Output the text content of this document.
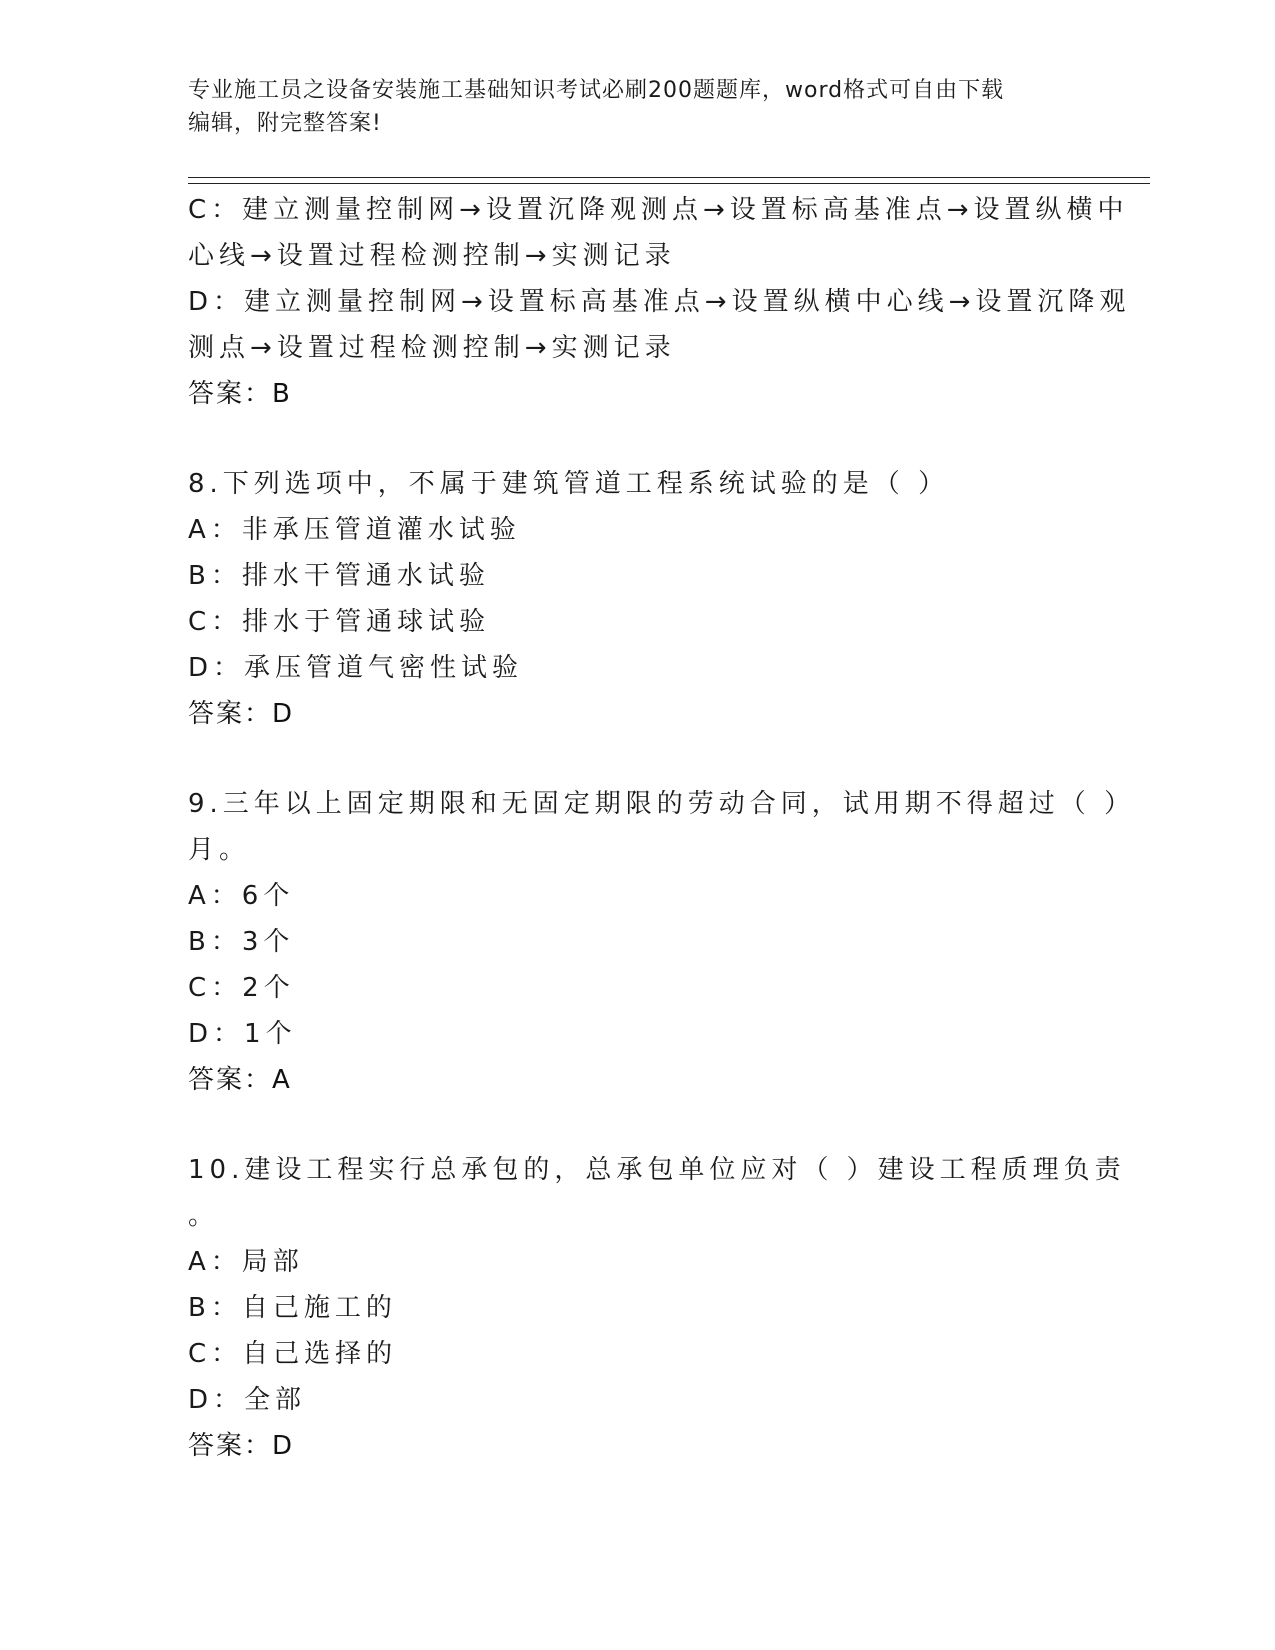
专业施工员之设备安装施工基础知识考试必刷200题题库，word格式可自由下载
编辑，附完整答案!
C：建立测量控制网→设置沉降观测点→设置标高基准点→设置纵横中
心线→设置过程检测控制→实测记录
D：建立测量控制网→设置标高基准点→设置纵横中心线→设置沉降观
测点→设置过程检测控制→实测记录
答案：B
8.下列选项中，不属于建筑管道工程系统试验的是（ ）
A：非承压管道灌水试验
B：排水干管通水试验
C：排水于管通球试验
D：承压管道气密性试验
答案：D
9.三年以上固定期限和无固定期限的劳动合同，试用期不得超过（ ）
月。
A：6个
B：3个
C：2个
D：1个
答案：A
10.建设工程实行总承包的，总承包单位应对（ ）建设工程质理负责
。
A：局部
B：自己施工的
C：自己选择的
D：全部
答案：D
